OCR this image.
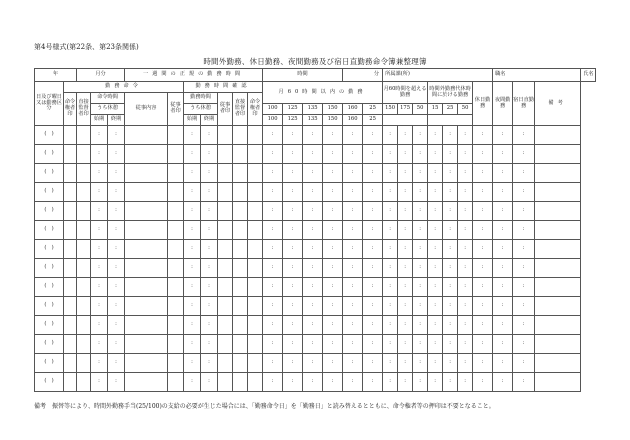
第4号様式(第22条、第23条関係)
時間外勤務、休日勤務、夜間勤務及び宿日直勤務命令簿兼整理簿
年		月分			一週間の正規の勤務時間							時間				分		所属課(所)							職名			氏名
日及び曜日又は勤務区分	勤務命令						勤務時間確認					月60時間以内の勤務						月60時間を超える勤務			時間外勤務代休時間に於ける勤務			休日勤務	夜間勤務	宿日直勤務	備考	
	命令権者印	直接監督者印	命令時間		従事内容	従事者印	勤務時間		従事者印	直接監督者印	命令権者印																	
			うち休憩				うち休憩					100	125	135	150	160	25	150	175	50	15	25	50					
			始期	終期			始期	終期				100	125	135	150	160	25											
(　)			:	:			:	:				:	:	:	:	:	:	:	:	:	:	:	:	:	:	:		
(　)			:	:			:	:				:	:	:	:	:	:	:	:	:	:	:	:	:	:	:		
(　)			:	:			:	:				:	:	:	:	:	:	:	:	:	:	:	:	:	:	:		
(　)			:	:			:	:				:	:	:	:	:	:	:	:	:	:	:	:	:	:	:		
(　)			:	:			:	:				:	:	:	:	:	:	:	:	:	:	:	:	:	:	:		
(　)			:	:			:	:				:	:	:	:	:	:	:	:	:	:	:	:	:	:	:		
(　)			:	:			:	:				:	:	:	:	:	:	:	:	:	:	:	:	:	:	:		
(　)			:	:			:	:				:	:	:	:	:	:	:	:	:	:	:	:	:	:	:		
(　)			:	:			:	:				:	:	:	:	:	:	:	:	:	:	:	:	:	:	:		
(　)			:	:			:	:				:	:	:	:	:	:	:	:	:	:	:	:	:	:	:		
(　)			:	:			:	:				:	:	:	:	:	:	:	:	:	:	:	:	:	:	:		
(　)			:	:			:	:				:	:	:	:	:	:	:	:	:	:	:	:	:	:	:		
(　)			:	:			:	:				:	:	:	:	:	:	:	:	:	:	:	:	:	:	:		
(　)			:	:			:	:				:	:	:	:	:	:	:	:	:	:	:	:	:	:	:		
備考　振替等により、時間外勤務手当(25/100)の支給の必要が生じた場合には、「勤務命令日」を「勤務日」と読み替えるとともに、命令権者等の押印は不要となること。
